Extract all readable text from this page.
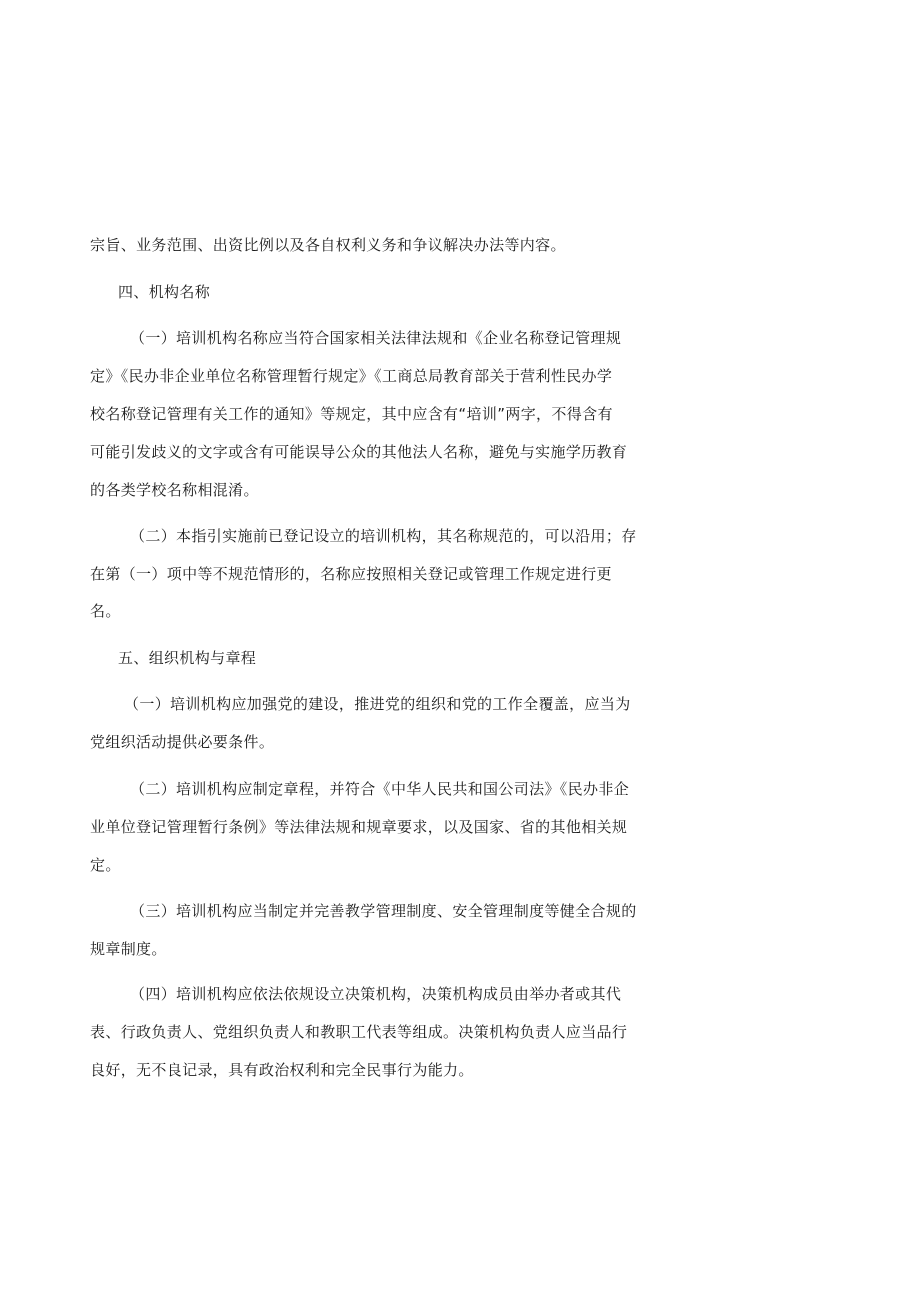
宗旨、业务范围、出资比例以及各自权利义务和争议解决办法等内容。
四、机构名称
（一）培训机构名称应当符合国家相关法律法规和《企业名称登记管理规
定》《民办非企业单位名称管理暂行规定》《工商总局教育部关于营利性民办学
校名称登记管理有关工作的通知》等规定，其中应含有“培训”两字，不得含有
可能引发歧义的文字或含有可能误导公众的其他法人名称，避免与实施学历教育
的各类学校名称相混淆。
（二）本指引实施前已登记设立的培训机构，其名称规范的，可以沿用；存
在第（一）项中等不规范情形的，名称应按照相关登记或管理工作规定进行更
名。
五、组织机构与章程
（一）培训机构应加强党的建设，推进党的组织和党的工作全覆盖，应当为
党组织活动提供必要条件。
（二）培训机构应制定章程，并符合《中华人民共和国公司法》《民办非企
业单位登记管理暂行条例》等法律法规和规章要求，以及国家、省的其他相关规
定。
（三）培训机构应当制定并完善教学管理制度、安全管理制度等健全合规的
规章制度。
（四）培训机构应依法依规设立决策机构，决策机构成员由举办者或其代
表、行政负责人、党组织负责人和教职工代表等组成。决策机构负责人应当品行
良好，无不良记录，具有政治权利和完全民事行为能力。
